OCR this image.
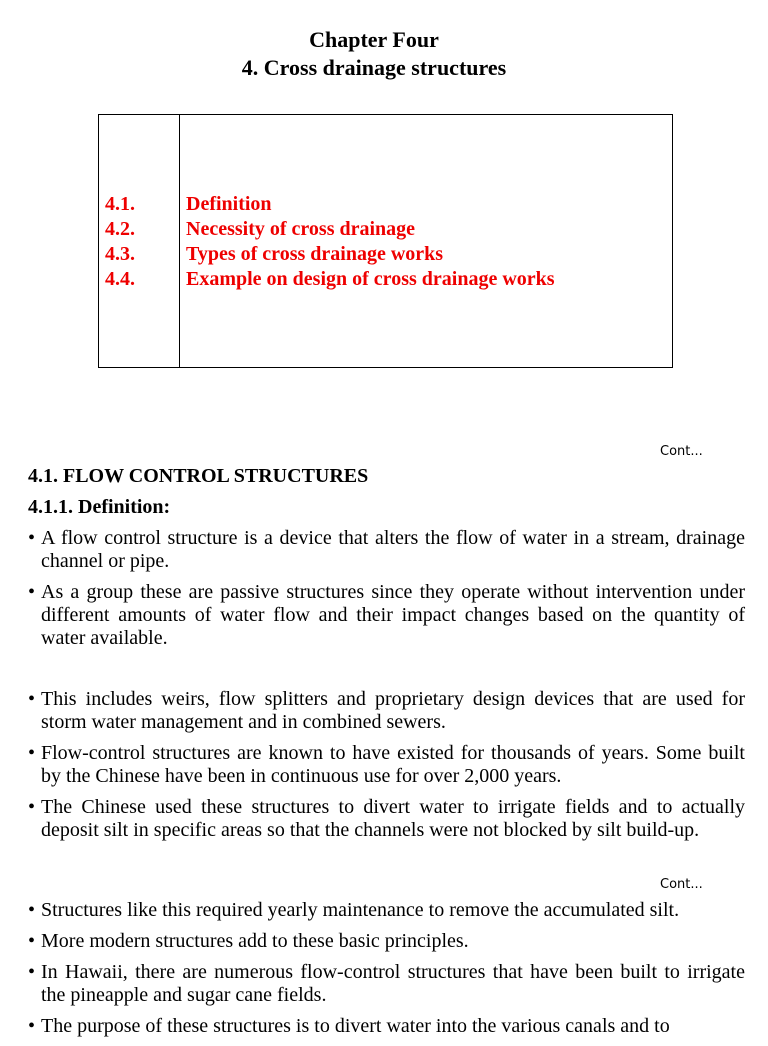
Chapter Four
4. Cross drainage structures
4.1.	Definition
4.2.	Necessity of cross drainage
4.3.	Types of cross drainage works
4.4.	Example on design of cross drainage works
Cont...
4.1. FLOW CONTROL STRUCTURES
4.1.1. Definition:
• A flow control structure is a device that alters the flow of water in a stream, drainage channel or pipe.
• As a group these are passive structures since they operate without intervention under different amounts of water flow and their impact changes based on the quantity of water available.
• This includes weirs, flow splitters and proprietary design devices that are used for storm water management and in combined sewers.
• Flow-control structures are known to have existed for thousands of years. Some built by the Chinese have been in continuous use for over 2,000 years.
• The Chinese used these structures to divert water to irrigate fields and to actually deposit silt in specific areas so that the channels were not blocked by silt build-up.
Cont...
• Structures like this required yearly maintenance to remove the accumulated silt.
• More modern structures add to these basic principles.
• In Hawaii, there are numerous flow-control structures that have been built to irrigate the pineapple and sugar cane fields.
• The purpose of these structures is to divert water into the various canals and to
